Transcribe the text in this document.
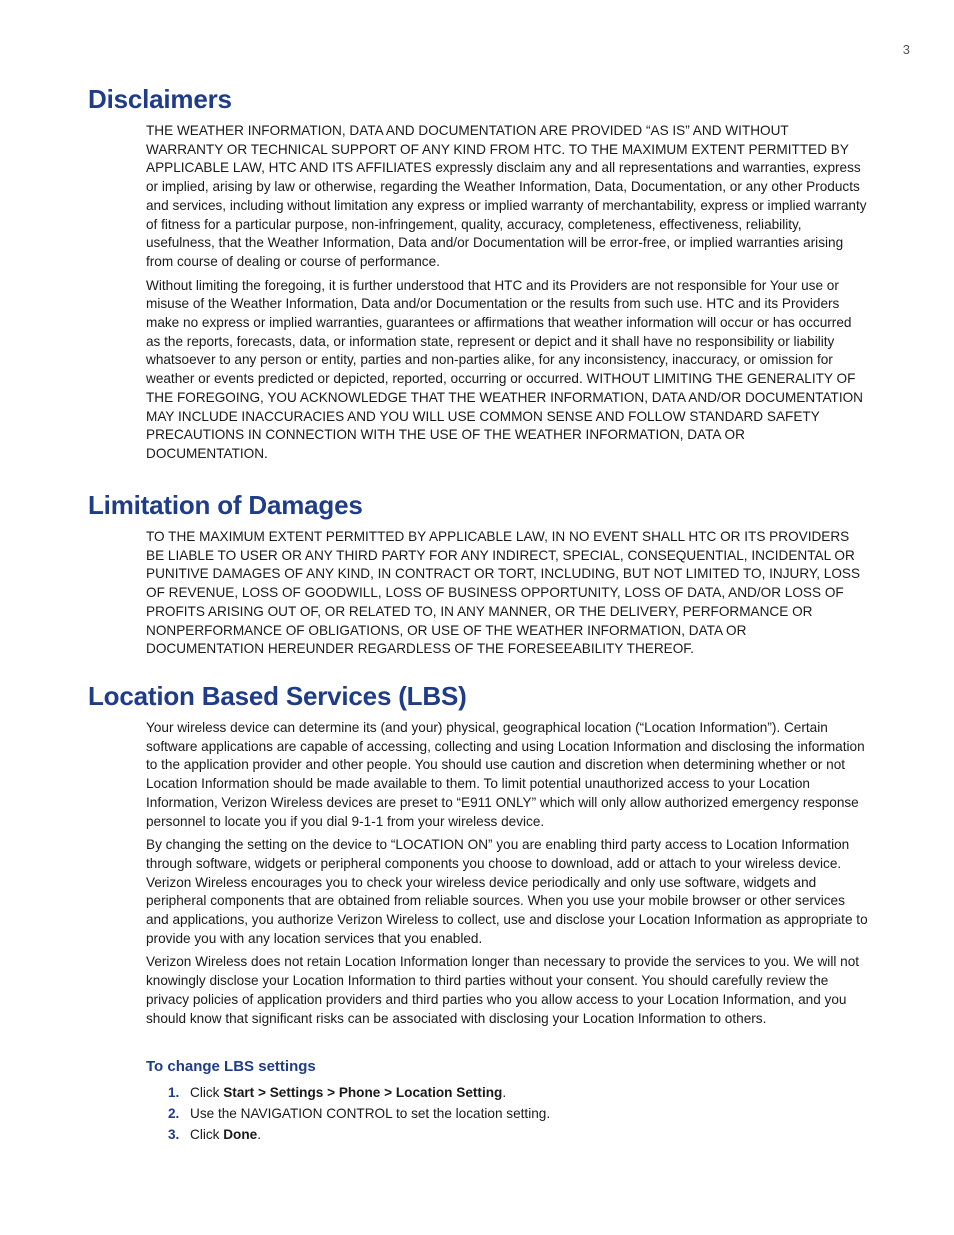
3
Disclaimers

THE WEATHER INFORMATION, DATA AND DOCUMENTATION ARE PROVIDED “AS IS” AND WITHOUT WARRANTY OR TECHNICAL SUPPORT OF ANY KIND FROM HTC. TO THE MAXIMUM EXTENT PERMITTED BY APPLICABLE LAW, HTC AND ITS AFFILIATES expressly disclaim any and all representations and warranties, express or implied, arising by law or otherwise, regarding the Weather Information, Data, Documentation, or any other Products and services, including without limitation any express or implied warranty of merchantability, express or implied warranty of fitness for a particular purpose, non-infringement, quality, accuracy, completeness, effectiveness, reliability, usefulness, that the Weather Information, Data and/or Documentation will be error-free, or implied warranties arising from course of dealing or course of performance.

Without limiting the foregoing, it is further understood that HTC and its Providers are not responsible for Your use or misuse of the Weather Information, Data and/or Documentation or the results from such use. HTC and its Providers make no express or implied warranties, guarantees or affirmations that weather information will occur or has occurred as the reports, forecasts, data, or information state, represent or depict and it shall have no responsibility or liability whatsoever to any person or entity, parties and non-parties alike, for any inconsistency, inaccuracy, or omission for weather or events predicted or depicted, reported, occurring or occurred. WITHOUT LIMITING THE GENERALITY OF THE FOREGOING, YOU ACKNOWLEDGE THAT THE WEATHER INFORMATION, DATA AND/OR DOCUMENTATION MAY INCLUDE INACCURACIES AND YOU WILL USE COMMON SENSE AND FOLLOW STANDARD SAFETY PRECAUTIONS IN CONNECTION WITH THE USE OF THE WEATHER INFORMATION, DATA OR DOCUMENTATION.

Limitation of Damages

TO THE MAXIMUM EXTENT PERMITTED BY APPLICABLE LAW, IN NO EVENT SHALL HTC OR ITS PROVIDERS BE LIABLE TO USER OR ANY THIRD PARTY FOR ANY INDIRECT, SPECIAL, CONSEQUENTIAL, INCIDENTAL OR PUNITIVE DAMAGES OF ANY KIND, IN CONTRACT OR TORT, INCLUDING, BUT NOT LIMITED TO, INJURY, LOSS OF REVENUE, LOSS OF GOODWILL, LOSS OF BUSINESS OPPORTUNITY, LOSS OF DATA, AND/OR LOSS OF PROFITS ARISING OUT OF, OR RELATED TO, IN ANY MANNER, OR THE DELIVERY, PERFORMANCE OR NONPERFORMANCE OF OBLIGATIONS, OR USE OF THE WEATHER INFORMATION, DATA OR DOCUMENTATION HEREUNDER REGARDLESS OF THE FORESEEABILITY THEREOF.

Location Based Services (LBS)

Your wireless device can determine its (and your) physical, geographical location (“Location Information”). Certain software applications are capable of accessing, collecting and using Location Information and disclosing the information to the application provider and other people. You should use caution and discretion when determining whether or not Location Information should be made available to them. To limit potential unauthorized access to your Location Information, Verizon Wireless devices are preset to “E911 ONLY” which will only allow authorized emergency response personnel to locate you if you dial 9-1-1 from your wireless device.

By changing the setting on the device to “LOCATION ON” you are enabling third party access to Location Information through software, widgets or peripheral components you choose to download, add or attach to your wireless device. Verizon Wireless encourages you to check your wireless device periodically and only use software, widgets and peripheral components that are obtained from reliable sources. When you use your mobile browser or other services and applications, you authorize Verizon Wireless to collect, use and disclose your Location Information as appropriate to provide you with any location services that you enabled.

Verizon Wireless does not retain Location Information longer than necessary to provide the services to you. We will not knowingly disclose your Location Information to third parties without your consent. You should carefully review the privacy policies of application providers and third parties who you allow access to your Location Information, and you should know that significant risks can be associated with disclosing your Location Information to others.

To change LBS settings
1. Click Start > Settings > Phone > Location Setting.
2. Use the NAVIGATION CONTROL to set the location setting.
3. Click Done.
